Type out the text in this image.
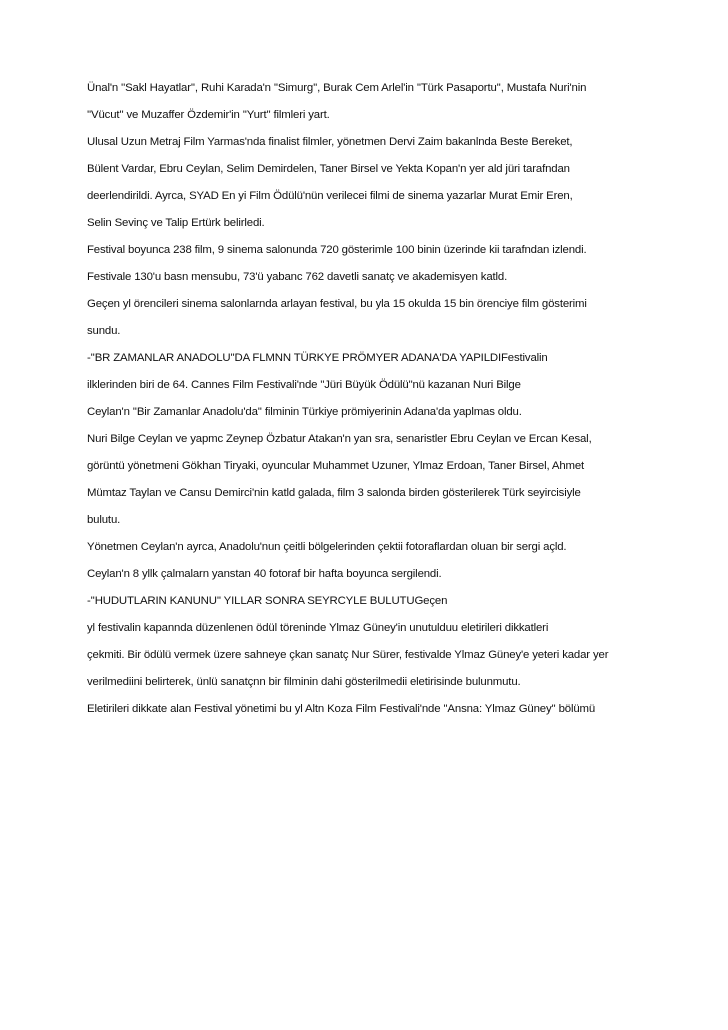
Ünal'n ''Sakl Hayatlar'', Ruhi Karada'n ''Simurg'', Burak Cem Arlel'in ''Türk Pasaportu'', Mustafa Nuri'nin

''Vücut'' ve Muzaffer Özdemir'in ''Yurt'' filmleri yart.

Ulusal Uzun Metraj Film Yarmas'nda finalist filmler, yönetmen Dervi Zaim bakanlnda Beste Bereket,

Bülent Vardar, Ebru Ceylan, Selim Demirdelen, Taner Birsel ve Yekta Kopan'n yer ald jüri tarafndan

deerlendirildi. Ayrca, SYAD En yi Film Ödülü'nün verilecei filmi de sinema yazarlar Murat Emir Eren,

Selin Sevinç ve Talip Ertürk belirledi.

Festival boyunca 238 film, 9 sinema salonunda 720 gösterimle 100 binin üzerinde kii tarafndan izlendi.

Festivale 130'u basn mensubu, 73'ü yabanc 762 davetli sanatç ve akademisyen katld.

Geçen yl örencileri sinema salonlarnda arlayan festival, bu yla 15 okulda 15 bin örenciye film gösterimi

sundu.

-''BR ZAMANLAR ANADOLU''DA FLMNN TÜRKYE PRÖMYER ADANA'DA YAPILDIFestivalin

ilklerinden biri de 64. Cannes Film Festivali'nde "Jüri Büyük Ödülü"nü kazanan Nuri Bilge

Ceylan'n ''Bir Zamanlar Anadolu'da'' filminin Türkiye prömiyerinin Adana'da yaplmas oldu.

Nuri Bilge Ceylan ve yapmc Zeynep Özbatur Atakan'n yan sra, senaristler Ebru Ceylan ve Ercan Kesal,

görüntü yönetmeni Gökhan Tiryaki, oyuncular Muhammet Uzuner, Ylmaz Erdoan, Taner Birsel, Ahmet

Mümtaz Taylan ve Cansu Demirci'nin katld galada, film 3 salonda birden gösterilerek Türk seyircisiyle

bulutu.

Yönetmen Ceylan'n ayrca, Anadolu'nun çeitli bölgelerinden çektii fotoraflardan oluan bir sergi açld.

Ceylan'n 8 yllk çalmalarn yanstan 40 fotoraf bir hafta boyunca sergilendi.

-''HUDUTLARIN KANUNU'' YILLAR SONRA SEYRCYLE BULUTUGeçen

yl festivalin kapannda düzenlenen ödül töreninde Ylmaz Güney'in unutulduu eletirileri dikkatleri

çekmiti. Bir ödülü vermek üzere sahneye çkan sanatç Nur Sürer, festivalde Ylmaz Güney'e yeteri kadar yer

verilmediini belirterek, ünlü sanatçnn bir filminin dahi gösterilmedii eletirisinde bulunmutu.

Eletirileri dikkate alan Festival yönetimi bu yl Altn Koza Film Festivali'nde ''Ansna: Ylmaz Güney'' bölümü
